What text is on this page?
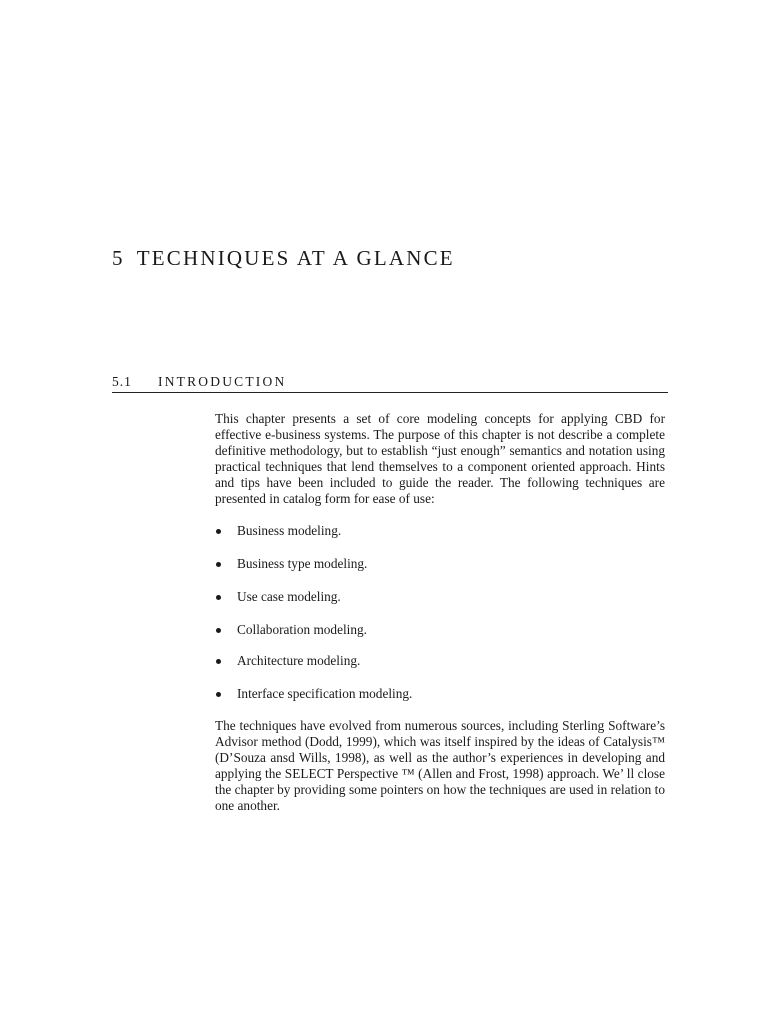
5 TECHNIQUES AT A GLANCE
5.1 INTRODUCTION

This chapter presents a set of core modeling concepts for applying CBD for effective e-business systems. The purpose of this chapter is not describe a complete definitive methodology, but to establish “just enough” semantics and notation using practical techniques that lend themselves to a component oriented approach. Hints and tips have been included to guide the reader. The following techniques are presented in catalog form for ease of use:

Business modeling.
Business type modeling.
Use case modeling.
Collaboration modeling.
Architecture modeling.
Interface specification modeling.

The techniques have evolved from numerous sources, including Sterling Software’s Advisor method (Dodd, 1999), which was itself inspired by the ideas of Catalysis™ (D’Souza ansd Wills, 1998), as well as the author’s experiences in developing and applying the SELECT Perspective ™ (Allen and Frost, 1998) approach. We’ ll close the chapter by providing some pointers on how the techniques are used in relation to one another.
